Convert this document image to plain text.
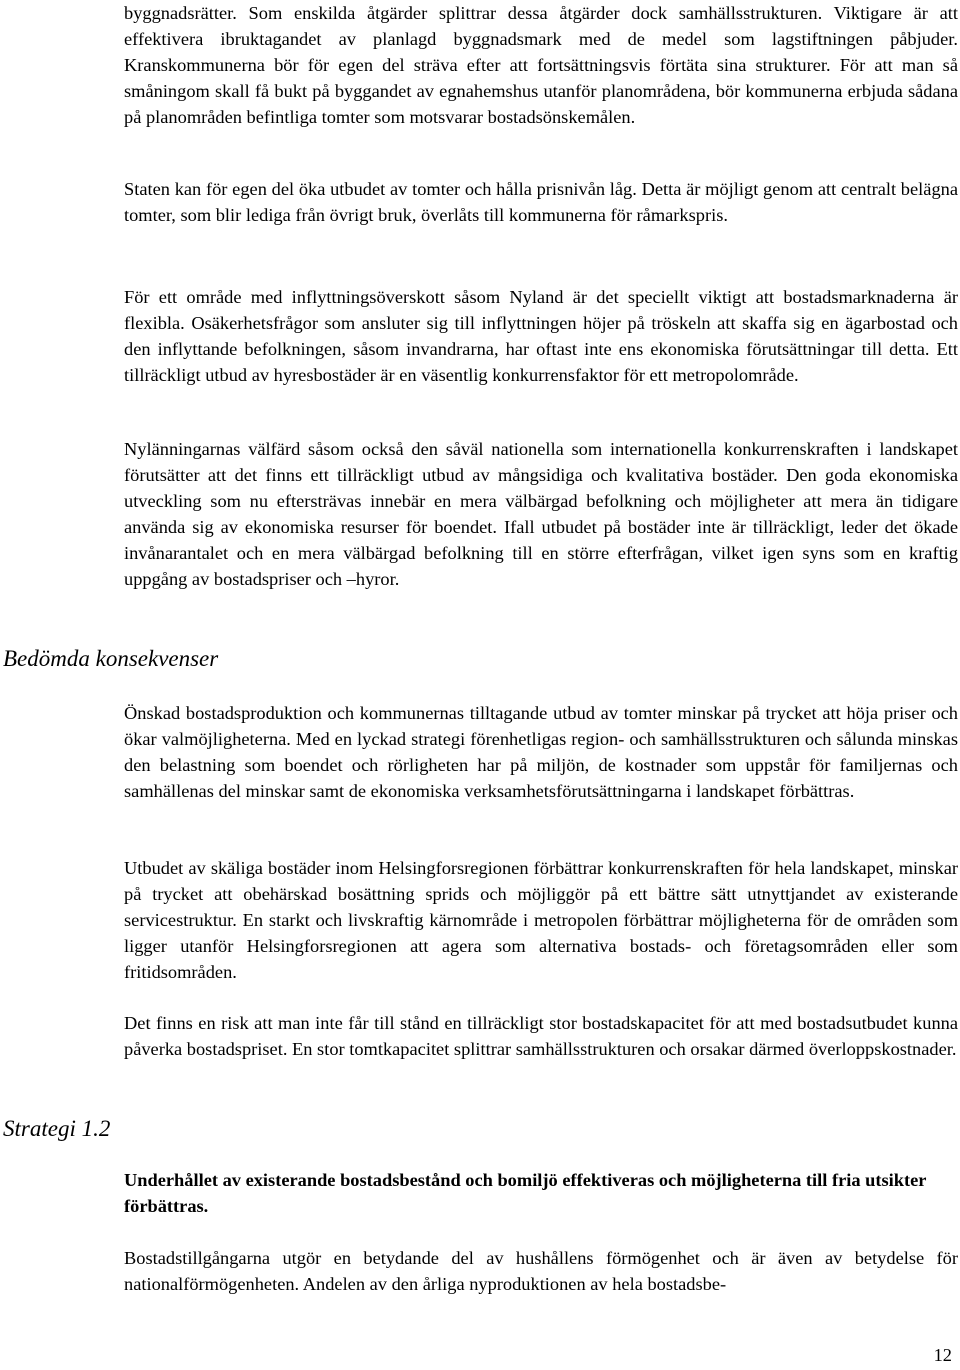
byggnadsrätter. Som enskilda åtgärder splittrar dessa åtgärder dock samhällsstrukturen. Viktigare är att effektivera ibruktagandet av planlagd byggnadsmark med de medel som lagstiftningen påbjuder. Kranskommunerna bör för egen del sträva efter att fortsättningsvis förtäta sina strukturer. För att man så småningom skall få bukt på byggandet av egnahemshus utanför planområdena, bör kommunerna erbjuda sådana på planområden befintliga tomter som motsvarar bostadsönskemålen.

Staten kan för egen del öka utbudet av tomter och hålla prisnivån låg. Detta är möjligt genom att centralt belägna tomter, som blir lediga från övrigt bruk, överlåts till kommunerna för råmarkspris.

För ett område med inflyttningsöverskott såsom Nyland är det speciellt viktigt att bostadsmarknaderna är flexibla. Osäkerhetsfrågor som ansluter sig till inflyttningen höjer på tröskeln att skaffa sig en ägarbostad och den inflyttande befolkningen, såsom invandrarna, har oftast inte ens ekonomiska förutsättningar till detta. Ett tillräckligt utbud av hyresbostäder är en väsentlig konkurrensfaktor för ett metropolområde.

Nylänningarnas välfärd såsom också den såväl nationella som internationella konkurrenskraften i landskapet förutsätter att det finns ett tillräckligt utbud av mångsidiga och kvalitativa bostäder. Den goda ekonomiska utveckling som nu eftersträvas innebär en mera välbärgad befolkning och möjligheter att mera än tidigare använda sig av ekonomiska resurser för boendet. Ifall utbudet på bostäder inte är tillräckligt, leder det ökade invånarantalet och en mera välbärgad befolkning till en större efterfrågan, vilket igen syns som en kraftig uppgång av bostadspriser och –hyror.

Bedömda konsekvenser

Önskad bostadsproduktion och kommunernas tilltagande utbud av tomter minskar på trycket att höja priser och ökar valmöjligheterna. Med en lyckad strategi förenhetligas region- och samhällsstrukturen och sålunda minskas den belastning som boendet och rörligheten har på miljön, de kostnader som uppstår för familjernas och samhällenas del minskar samt de ekonomiska verksamhetsförutsättningarna i landskapet förbättras.

Utbudet av skäliga bostäder inom Helsingforsregionen förbättrar konkurrenskraften för hela landskapet, minskar på trycket att obehärskad bosättning sprids och möjliggör på ett bättre sätt utnyttjandet av existerande servicestruktur. En starkt och livskraftig kärnområde i metropolen förbättrar möjligheterna för de områden som ligger utanför Helsingforsregionen att agera som alternativa bostads- och företagsområden eller som fritidsområden.

Det finns en risk att man inte får till stånd en tillräckligt stor bostadskapacitet för att med bostadsutbudet kunna påverka bostadspriset. En stor tomtkapacitet splittrar samhällsstrukturen och orsakar därmed överloppskostnader.

Strategi 1.2

Underhållet av existerande bostadsbestånd och bomiljö effektiveras och möjligheterna till fria utsikter förbättras.

Bostadstillgångarna utgör en betydande del av hushållens förmögenhet och är även av betydelse för nationalförmögenheten. Andelen av den årliga nyproduktionen av hela bostadsbe-

12
